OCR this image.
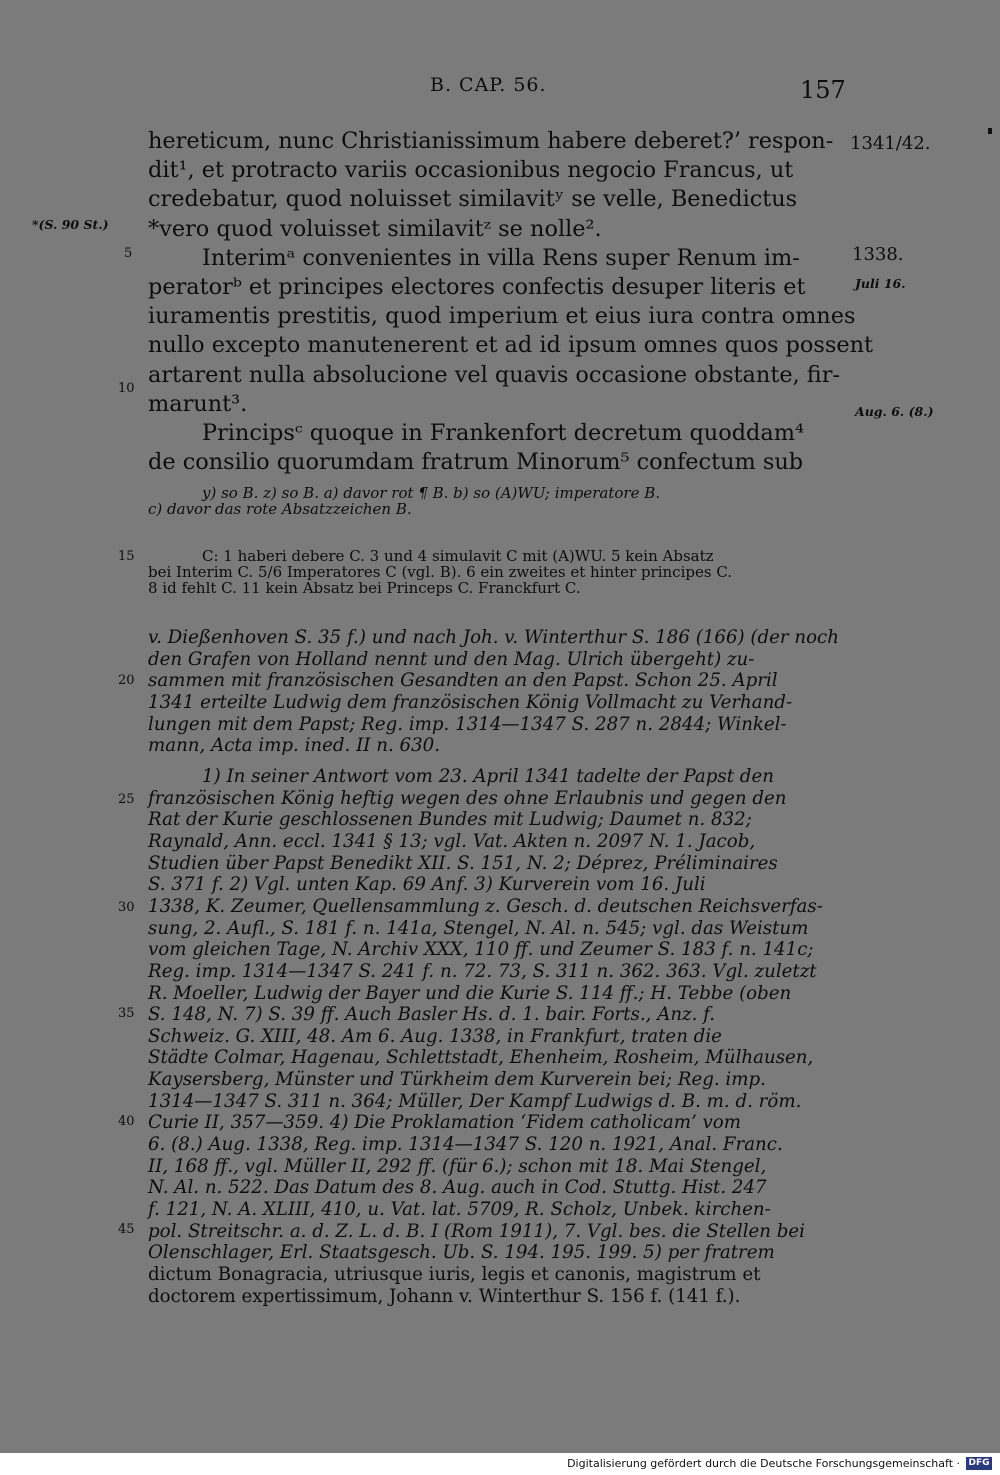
B. CAP. 56.	157
*(S. 90 St.)
1341/42.
1338.
Juli 16.
Aug. 6. (8.)
5
10
15
20
25
30
35
40
45
hereticum, nunc Christianissimum habere deberet?’ respon-
dit¹, et protracto variis occasionibus negocio Francus, ut
credebatur, quod noluisset similavitʸ se velle, Benedictus
*vero quod voluisset similavitᶻ se nolle².
Interimᵃ convenientes in villa Rens super Renum im-
peratorᵇ et principes electores confectis desuper literis et
iuramentis prestitis, quod imperium et eius iura contra omnes
nullo excepto manutenerent et ad id ipsum omnes quos possent
artarent nulla absolucione vel quavis occasione obstante, fir-
marunt³.
Principsᶜ quoque in Frankenfort decretum quoddam⁴
de consilio quorumdam fratrum Minorum⁵ confectum sub
y) so B. z) so B. a) davor rot ¶ B. b) so (A)WU; imperatore B.
c) davor das rote Absatzzeichen B.
C: 1 haberi debere C. 3 und 4 simulavit C mit (A)WU. 5 kein Absatz
bei Interim C. 5/6 Imperatores C (vgl. B). 6 ein zweites et hinter principes C.
8 id fehlt C. 11 kein Absatz bei Princeps C. Franckfurt C.
v. Dießenhoven S. 35 f.) und nach Joh. v. Winterthur S. 186 (166) (der noch
den Grafen von Holland nennt und den Mag. Ulrich übergeht) zu-
sammen mit französischen Gesandten an den Papst. Schon 25. April
1341 erteilte Ludwig dem französischen König Vollmacht zu Verhand-
lungen mit dem Papst; Reg. imp. 1314—1347 S. 287 n. 2844; Winkel-
mann, Acta imp. ined. II n. 630.
1) In seiner Antwort vom 23. April 1341 tadelte der Papst den
französischen König heftig wegen des ohne Erlaubnis und gegen den
Rat der Kurie geschlossenen Bundes mit Ludwig; Daumet n. 832;
Raynald, Ann. eccl. 1341 § 13; vgl. Vat. Akten n. 2097 N. 1. Jacob,
Studien über Papst Benedikt XII. S. 151, N. 2; Déprez, Préliminaires
S. 371 f. 2) Vgl. unten Kap. 69 Anf. 3) Kurverein vom 16. Juli
1338, K. Zeumer, Quellensammlung z. Gesch. d. deutschen Reichsverfas-
sung, 2. Aufl., S. 181 f. n. 141a, Stengel, N. Al. n. 545; vgl. das Weistum
vom gleichen Tage, N. Archiv XXX, 110 ff. und Zeumer S. 183 f. n. 141c;
Reg. imp. 1314—1347 S. 241 f. n. 72. 73, S. 311 n. 362. 363. Vgl. zuletzt
R. Moeller, Ludwig der Bayer und die Kurie S. 114 ff.; H. Tebbe (oben
S. 148, N. 7) S. 39 ff. Auch Basler Hs. d. 1. bair. Forts., Anz. f.
Schweiz. G. XIII, 48. Am 6. Aug. 1338, in Frankfurt, traten die
Städte Colmar, Hagenau, Schlettstadt, Ehenheim, Rosheim, Mülhausen,
Kaysersberg, Münster und Türkheim dem Kurverein bei; Reg. imp.
1314—1347 S. 311 n. 364; Müller, Der Kampf Ludwigs d. B. m. d. röm.
Curie II, 357—359. 4) Die Proklamation ‘Fidem catholicam’ vom
6. (8.) Aug. 1338, Reg. imp. 1314—1347 S. 120 n. 1921, Anal. Franc.
II, 168 ff., vgl. Müller II, 292 ff. (für 6.); schon mit 18. Mai Stengel,
N. Al. n. 522. Das Datum des 8. Aug. auch in Cod. Stuttg. Hist. 247
f. 121, N. A. XLIII, 410, u. Vat. lat. 5709, R. Scholz, Unbek. kirchen-
pol. Streitschr. a. d. Z. L. d. B. I (Rom 1911), 7. Vgl. bes. die Stellen bei
Olenschlager, Erl. Staatsgesch. Ub. S. 194. 195. 199. 5) per fratrem
dictum Bonagracia, utriusque iuris, legis et canonis, magistrum et
doctorem expertissimum, Johann v. Winterthur S. 156 f. (141 f.).
Digitalisierung gefördert durch die Deutsche Forschungsgemeinschaft · DFG
